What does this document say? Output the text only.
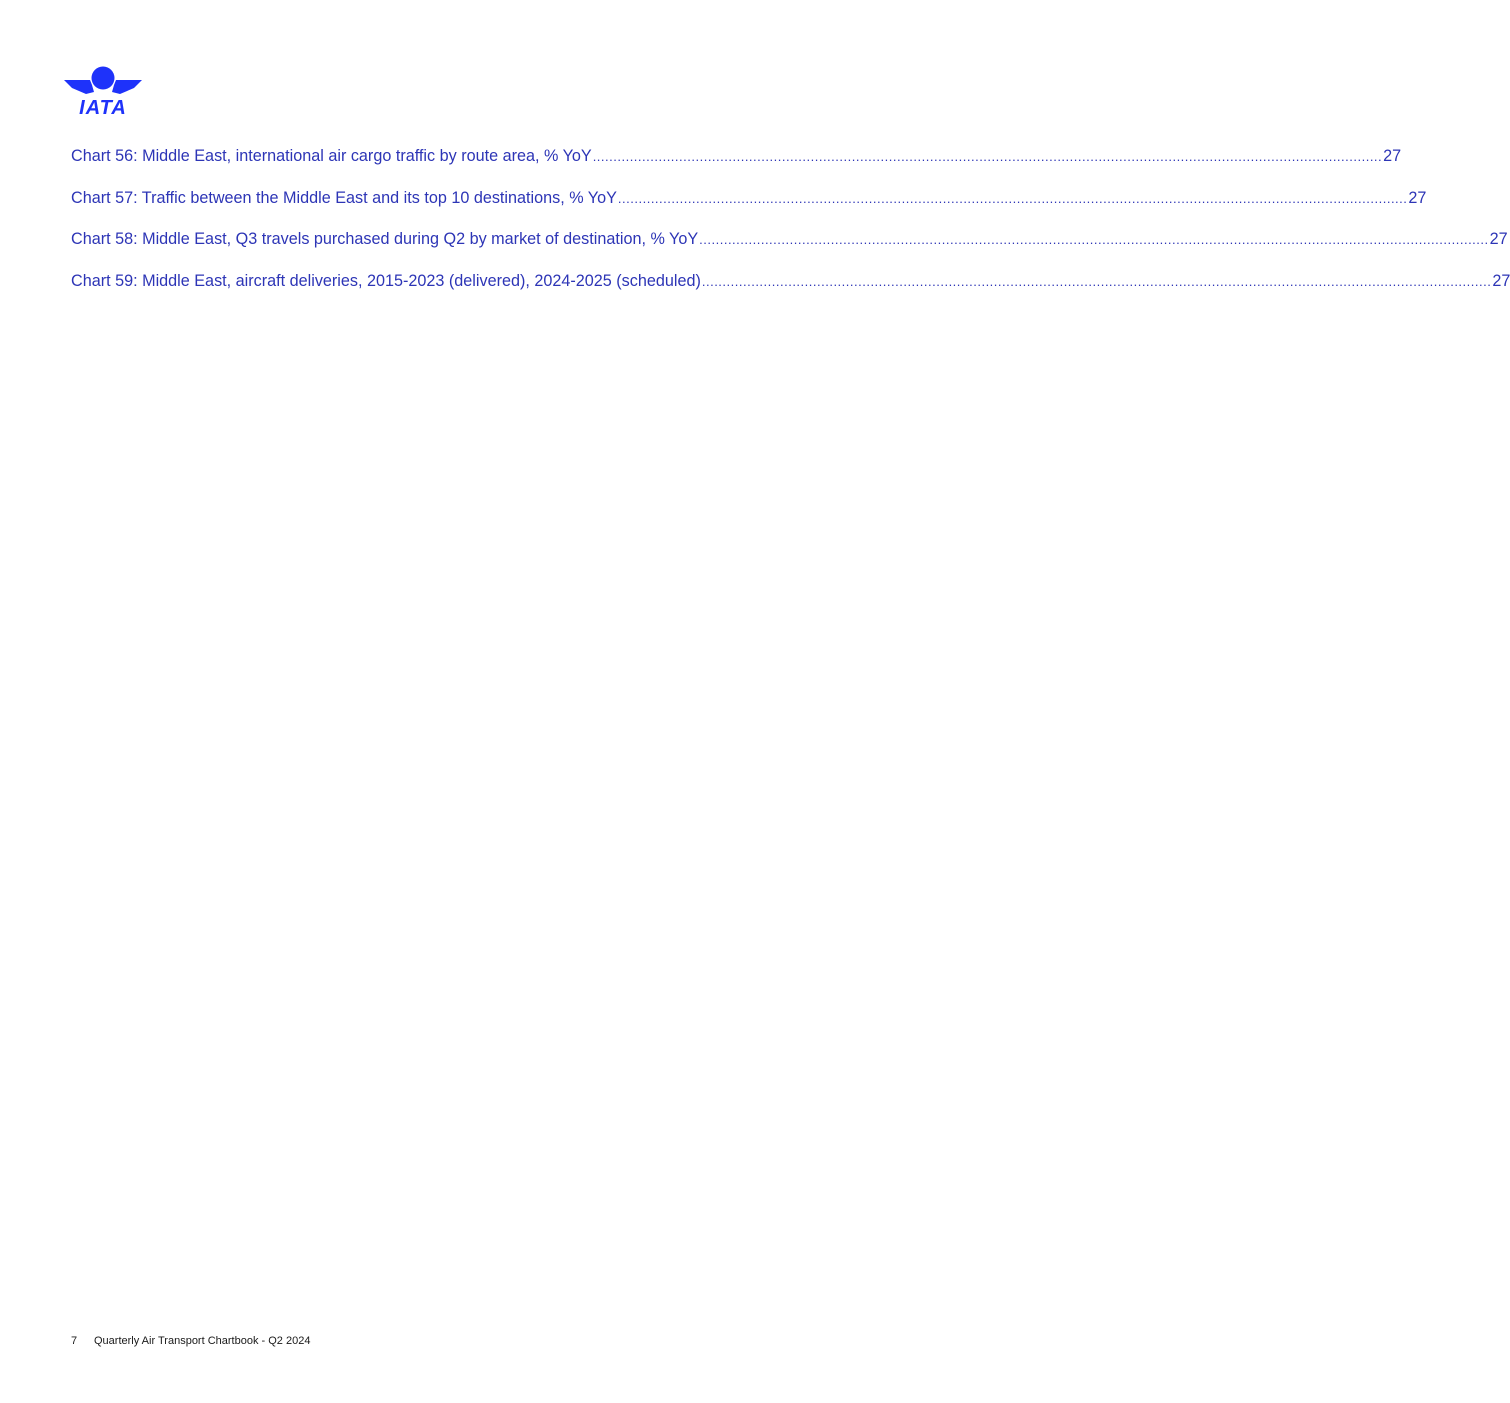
IATA
Chart 56: Middle East, international air cargo traffic by route area, % YoY ................................................................................................................................................................................................ 27
Chart 57: Traffic between the Middle East and its top 10 destinations, % YoY ................................................................................................................................................................................................ 27
Chart 58: Middle East, Q3 travels purchased during Q2 by market of destination, % YoY ................................................................................................................................................................................................ 27
Chart 59: Middle East, aircraft deliveries, 2015-2023 (delivered), 2024-2025 (scheduled) ................................................................................................................................................................................................ 27
7 Quarterly Air Transport Chartbook - Q2 2024
